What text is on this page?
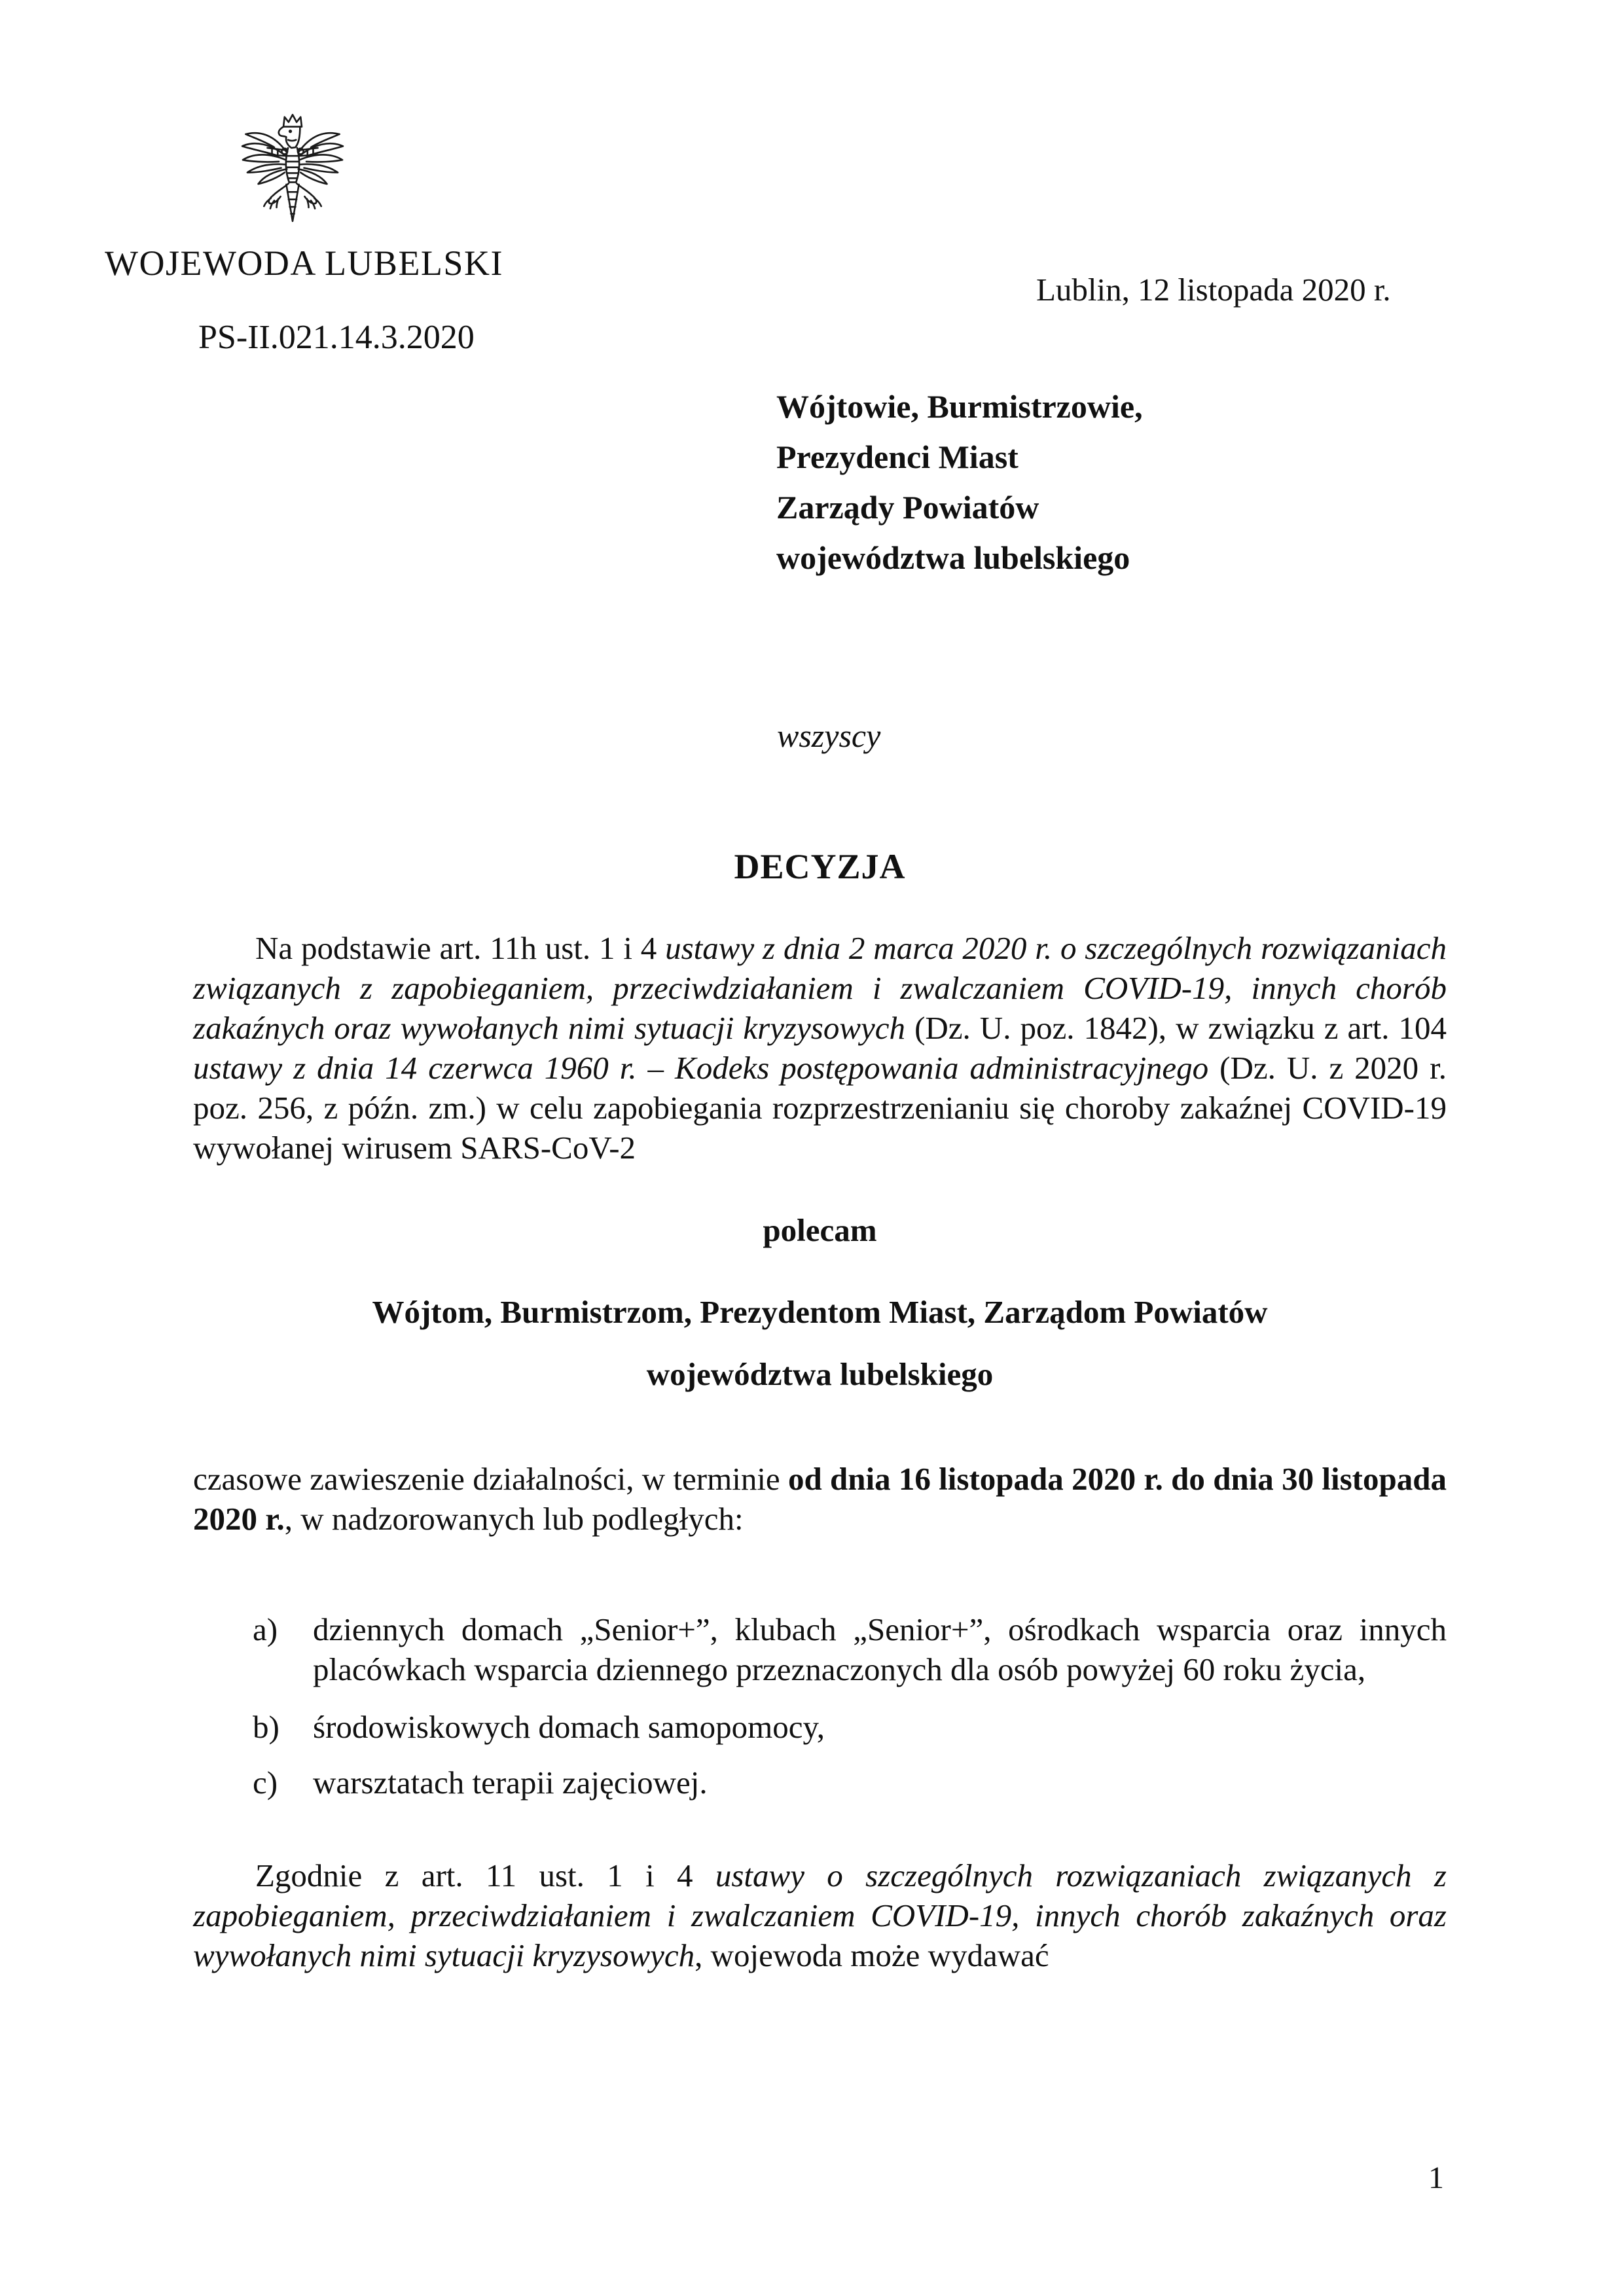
WOJEWODA LUBELSKI
PS-II.021.14.3.2020
Lublin, 12 listopada 2020 r.
Wójtowie, Burmistrzowie,
Prezydenci Miast
Zarządy Powiatów
województwa lubelskiego
wszyscy
DECYZJA

Na podstawie art. 11h ust. 1 i 4 ustawy z dnia 2 marca 2020 r. o szczególnych rozwiązaniach związanych z zapobieganiem, przeciwdziałaniem i zwalczaniem COVID-19, innych chorób zakaźnych oraz wywołanych nimi sytuacji kryzysowych (Dz. U. poz. 1842), w związku z art. 104 ustawy z dnia 14 czerwca 1960 r. – Kodeks postępowania administracyjnego (Dz. U. z 2020 r. poz. 256, z późn. zm.) w celu zapobiegania rozprzestrzenianiu się choroby zakaźnej COVID-19 wywołanej wirusem SARS-CoV-2

polecam
Wójtom, Burmistrzom, Prezydentom Miast, Zarządom Powiatów
województwa lubelskiego

czasowe zawieszenie działalności, w terminie od dnia 16 listopada 2020 r. do dnia 30 listopada 2020 r., w nadzorowanych lub podległych:

a)	dziennych domach „Senior+”, klubach „Senior+”, ośrodkach wsparcia oraz innych placówkach wsparcia dziennego przeznaczonych dla osób powyżej 60 roku życia,
b)	środowiskowych domach samopomocy,
c)	warsztatach terapii zajęciowej.

Zgodnie z art. 11 ust. 1 i 4 ustawy o szczególnych rozwiązaniach związanych z zapobieganiem, przeciwdziałaniem i zwalczaniem COVID-19, innych chorób zakaźnych oraz wywołanych nimi sytuacji kryzysowych, wojewoda może wydawać

1
